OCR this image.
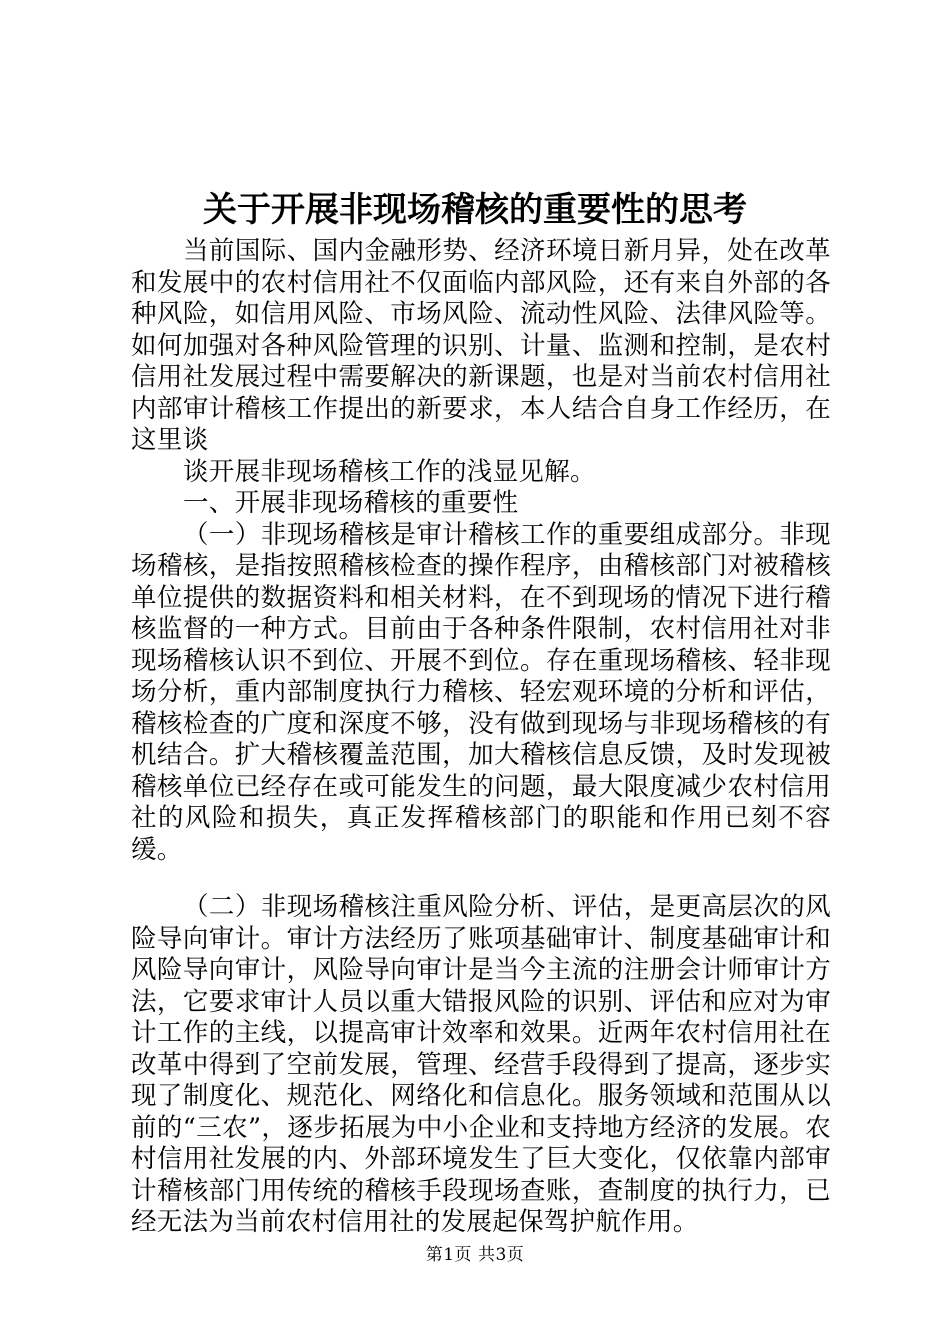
关于开展非现场稽核的重要性的思考

当前国际、国内金融形势、经济环境日新月异，处在改革和发展中的农村信用社不仅面临内部风险，还有来自外部的各种风险，如信用风险、市场风险、流动性风险、法律风险等。如何加强对各种风险管理的识别、计量、监测和控制，是农村信用社发展过程中需要解决的新课题，也是对当前农村信用社内部审计稽核工作提出的新要求，本人结合自身工作经历，在这里谈

谈开展非现场稽核工作的浅显见解。

一、开展非现场稽核的重要性

（一）非现场稽核是审计稽核工作的重要组成部分。非现场稽核，是指按照稽核检查的操作程序，由稽核部门对被稽核单位提供的数据资料和相关材料，在不到现场的情况下进行稽核监督的一种方式。目前由于各种条件限制，农村信用社对非现场稽核认识不到位、开展不到位。存在重现场稽核、轻非现场分析，重内部制度执行力稽核、轻宏观环境的分析和评估，稽核检查的广度和深度不够，没有做到现场与非现场稽核的有机结合。扩大稽核覆盖范围，加大稽核信息反馈，及时发现被稽核单位已经存在或可能发生的问题，最大限度减少农村信用社的风险和损失，真正发挥稽核部门的职能和作用已刻不容缓。

（二）非现场稽核注重风险分析、评估，是更高层次的风险导向审计。审计方法经历了账项基础审计、制度基础审计和风险导向审计，风险导向审计是当今主流的注册会计师审计方法，它要求审计人员以重大错报风险的识别、评估和应对为审计工作的主线，以提高审计效率和效果。近两年农村信用社在改革中得到了空前发展，管理、经营手段得到了提高，逐步实现了制度化、规范化、网络化和信息化。服务领域和范围从以前的“三农”，逐步拓展为中小企业和支持地方经济的发展。农村信用社发展的内、外部环境发生了巨大变化，仅依靠内部审计稽核部门用传统的稽核手段现场查账，查制度的执行力，已经无法为当前农村信用社的发展起保驾护航作用。

第1页 共3页
